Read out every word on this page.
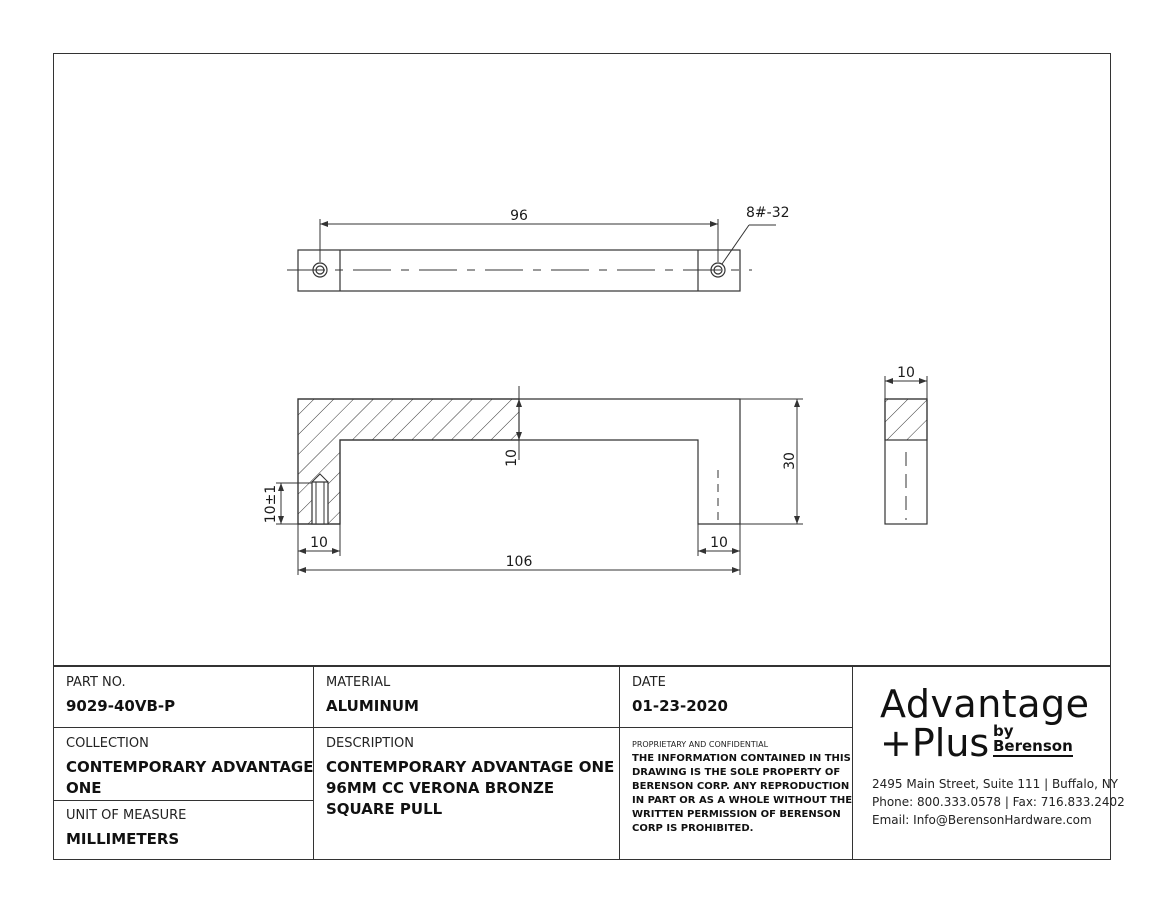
96	8#-32
10±1
30
10
10	10
106
10
PART NO.
9029-40VB-P
MATERIAL
ALUMINUM
DATE
01-23-2020
COLLECTION
CONTEMPORARY ADVANTAGE
ONE
DESCRIPTION
CONTEMPORARY ADVANTAGE ONE
96MM CC VERONA BRONZE
SQUARE PULL
UNIT OF MEASURE
MILLIMETERS
PROPRIETARY AND CONFIDENTIAL
THE INFORMATION CONTAINED IN THIS
DRAWING IS THE SOLE PROPERTY OF
BERENSON CORP. ANY REPRODUCTION
IN PART OR AS A WHOLE WITHOUT THE
WRITTEN PERMISSION OF BERENSON
CORP IS PROHIBITED.
Advantage
+Plus by
Berenson
2495 Main Street, Suite 111 | Buffalo, NY
Phone: 800.333.0578 | Fax: 716.833.2402
Email: Info@BerensonHardware.com
